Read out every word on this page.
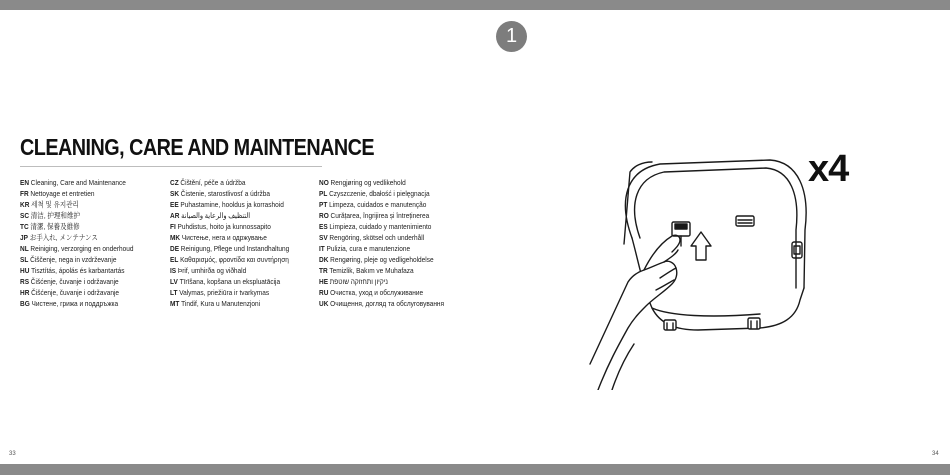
1
CLEANING, CARE AND MAINTENANCE
EN Cleaning, Care and Maintenance
FR Nettoyage et entretien
KR 세척 및 유지관리
SC 清洁, 护理和维护
TC 清潔, 保養及維修
JP お手入れ, メンテナンス
NL Reiniging, verzorging en onderhoud
SL Čiščenje, nega in vzdrževanje
HU Tisztítás, ápolás és karbantartás
RS Čišćenje, čuvanje i održavanje
HR Čišćenje, čuvanje i održavanje
BG Чистене, грижа и поддръжка
CZ Čištění, péče a údržba
SK Čistenie, starostlivosť a údržba
EE Puhastamine, hooldus ja korrashoid
AR التنظيف والرعاية والصيانة
FI Puhdistus, hoito ja kunnossapito
MK Чистење, нега и одржување
DE Reinigung, Pflege und Instandhaltung
EL Καθαρισμός, φροντίδα και συντήρηση
IS Þrif, umhirða og viðhald
LV Tīrīšana, kopšana un ekspluatācija
LT Valymas, priežiūra ir tvarkymas
MT Tindif, Kura u Manutenzjoni
NO Rengjøring og vedlikehold
PL Czyszczenie, dbałość i pielęgnacja
PT Limpeza, cuidados e manutenção
RO Curățarea, îngrijirea și întreținerea
ES Limpieza, cuidado y mantenimiento
SV Rengöring, skötsel och underhåll
IT Pulizia, cura e manutenzione
DK Rengøring, pleje og vedligeholdelse
TR Temizlik, Bakım ve Muhafaza
HE ניקיון ותחזוקה שוטפת
RU Очистка, уход и обслуживание
UK Очищення, догляд та обслуговування
x4
33	34
